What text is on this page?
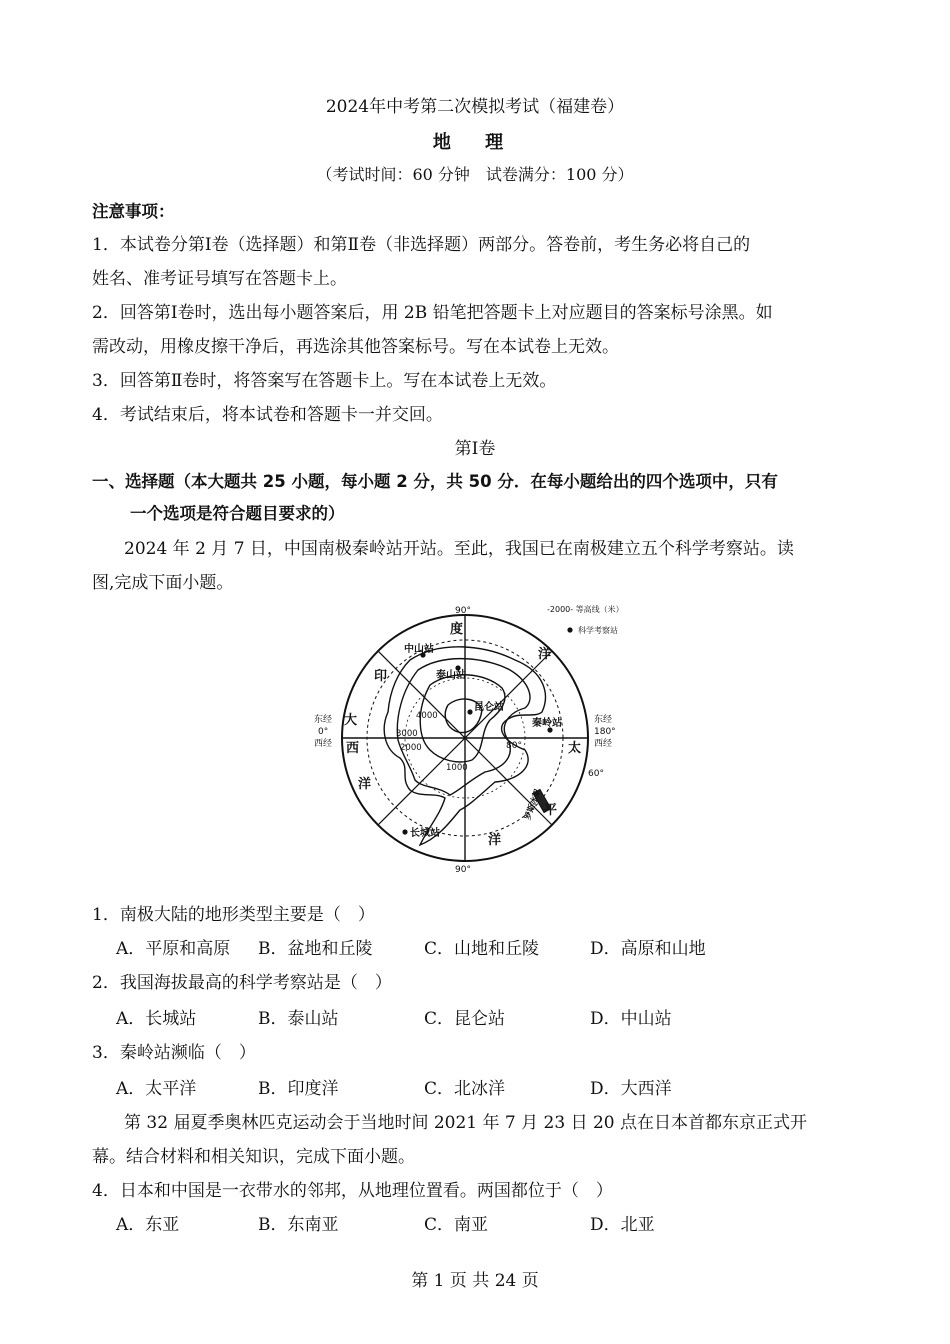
2024年中考第二次模拟考试（福建卷）
地 理
（考试时间：60 分钟　试卷满分：100 分）
注意事项：
1．本试卷分第Ⅰ卷（选择题）和第Ⅱ卷（非选择题）两部分。答卷前，考生务必将自己的
姓名、准考证号填写在答题卡上。
2．回答第Ⅰ卷时，选出每小题答案后，用 2B 铅笔把答题卡上对应题目的答案标号涂黑。如
需改动，用橡皮擦干净后，再选涂其他答案标号。写在本试卷上无效。
3．回答第Ⅱ卷时，将答案写在答题卡上。写在本试卷上无效。
4．考试结束后，将本试卷和答题卡一并交回。
第Ⅰ卷
一、选择题（本大题共 25 小题，每小题 2 分，共 50 分．在每小题给出的四个选项中，只有
一个选项是符合题目要求的）
2024 年 2 月 7 日，中国南极秦岭站开站。至此，我国已在南极建立五个科学考察站。读
图,完成下面小题。
90°
90°
-2000- 等高线（米）
科学考察站
东经
0°
西经
东经
180°
西经
60°
80°
度
印
洋
大
西
洋
太
平
洋
4000
3000
2000
1000
中山站
泰山站
昆仑站
秦岭站
长城站
罗斯冰架
1．南极大陆的地形类型主要是（　）
A．平原和高原 B．盆地和丘陵	C．山地和丘陵	D．高原和山地
2．我国海拔最高的科学考察站是（　）
A．长城站	B．泰山站	C．昆仑站	D．中山站
3．秦岭站濒临（　）
A．太平洋	B．印度洋	C．北冰洋	D．大西洋
第 32 届夏季奥林匹克运动会于当地时间 2021 年 7 月 23 日 20 点在日本首都东京正式开
幕。结合材料和相关知识，完成下面小题。
4．日本和中国是一衣带水的邻邦，从地理位置看。两国都位于（　）
A．东亚	B．东南亚	C．南亚	D．北亚
第 1 页 共 24 页
